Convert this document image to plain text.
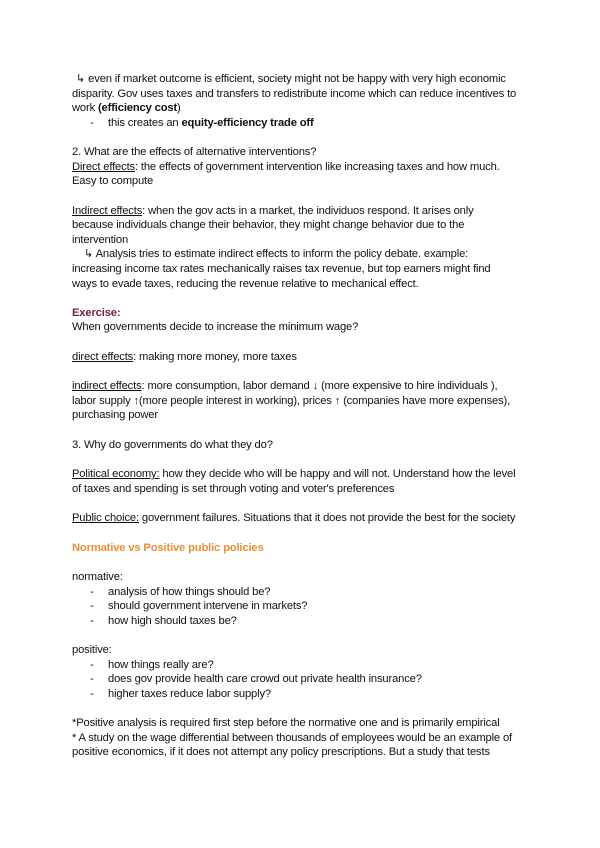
↳ even if market outcome is efficient, society might not be happy with very high economic
disparity. Gov uses taxes and transfers to redistribute income which can reduce incentives to
work (efficiency cost)
- this creates an equity-efficiency trade off
2. What are the effects of alternative interventions?
Direct effects: the effects of government intervention like increasing taxes and how much.
Easy to compute
Indirect effects: when the gov acts in a market, the individuos respond. It arises only
because individuals change their behavior, they might change behavior due to the
intervention
↳ Analysis tries to estimate indirect effects to inform the policy debate. example:
increasing income tax rates mechanically raises tax revenue, but top earners might find
ways to evade taxes, reducing the revenue relative to mechanical effect.
Exercise:
When governments decide to increase the minimum wage?
direct effects: making more money, more taxes
indirect effects: more consumption, labor demand ↓ (more expensive to hire individuals ),
labor supply ↑(more people interest in working), prices ↑ (companies have more expenses),
purchasing power
3. Why do governments do what they do?
Political economy: how they decide who will be happy and will not. Understand how the level
of taxes and spending is set through voting and voter's preferences
Public choice: government failures. Situations that it does not provide the best for the society
Normative vs Positive public policies
normative:
- analysis of how things should be?
- should government intervene in markets?
- how high should taxes be?
positive:
- how things really are?
- does gov provide health care crowd out private health insurance?
- higher taxes reduce labor supply?
*Positive analysis is required first step before the normative one and is primarily empirical
* A study on the wage differential between thousands of employees would be an example of
positive economics, if it does not attempt any policy prescriptions. But a study that tests
